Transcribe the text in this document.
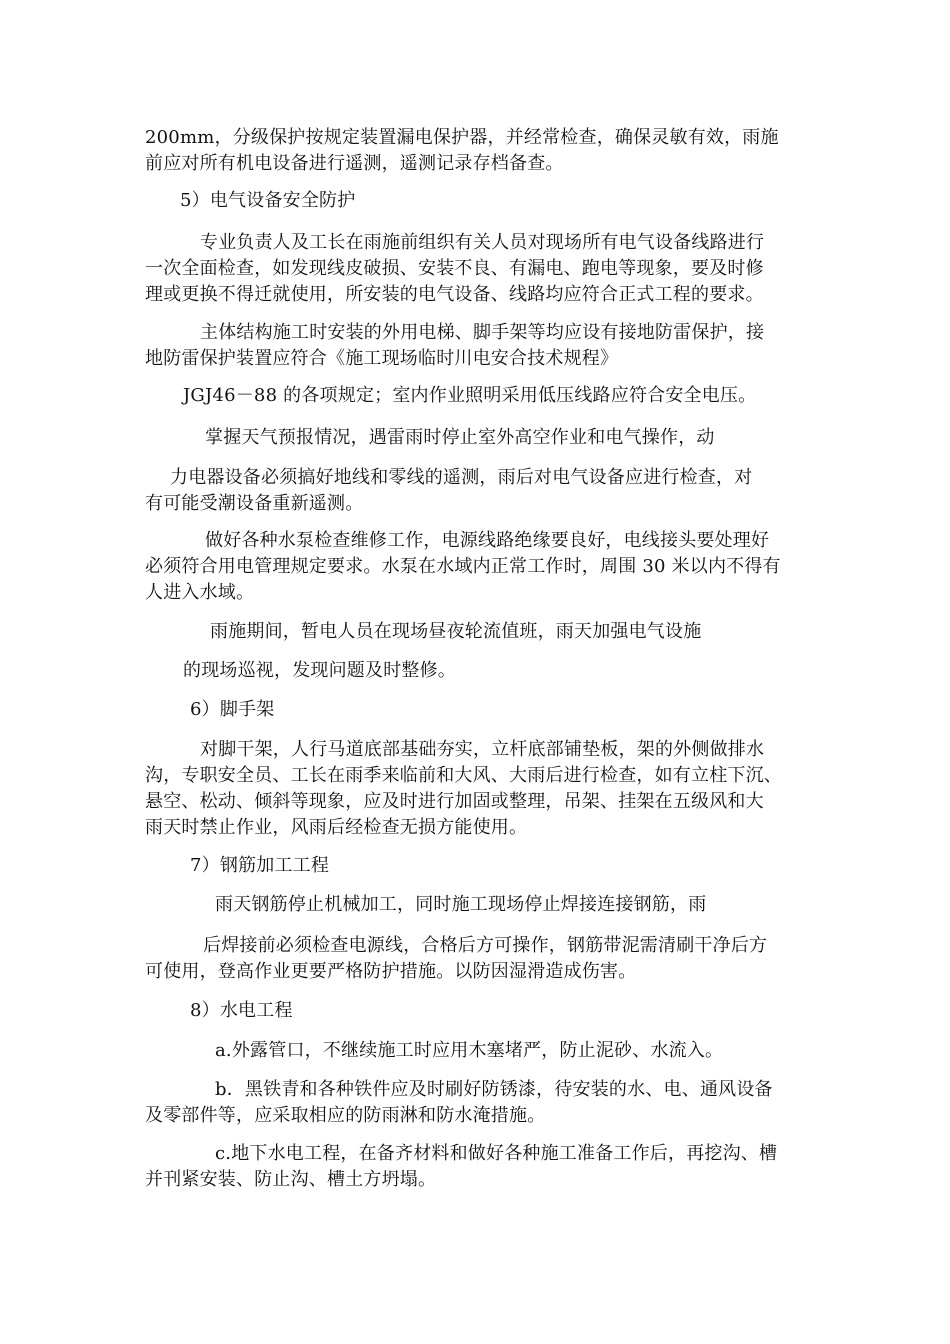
200mm，分级保护按规定装置漏电保护器，并经常检查，确保灵敏有效，雨施
前应对所有机电设备进行遥测，遥测记录存档备查。
5）电气设备安全防护
专业负责人及工长在雨施前组织有关人员对现场所有电气设备线路进行
一次全面检查，如发现线皮破损、安装不良、有漏电、跑电等现象，要及时修
理或更换不得迁就使用，所安装的电气设备、线路均应符合正式工程的要求。
主体结构施工时安装的外用电梯、脚手架等均应设有接地防雷保护，接
地防雷保护装置应符合《施工现场临时川电安合技术规程》
JGJ46－88 的各项规定；室内作业照明采用低压线路应符合安全电压。
掌握天气预报情况，遇雷雨时停止室外高空作业和电气操作，动
力电器设备必须搞好地线和零线的遥测，雨后对电气设备应进行检查，对
有可能受潮设备重新遥测。
做好各种水泵检查维修工作，电源线路绝缘要良好，电线接头要处理好
必须符合用电管理规定要求。水泵在水域内正常工作时，周围 30 米以内不得有
人进入水域。
雨施期间，暂电人员在现场昼夜轮流值班，雨天加强电气设施
的现场巡视，发现问题及时整修。
6）脚手架
对脚干架，人行马道底部基础夯实，立杆底部铺垫板，架的外侧做排水
沟，专职安全员、工长在雨季来临前和大风、大雨后进行检查，如有立柱下沉、
悬空、松动、倾斜等现象，应及时进行加固或整理，吊架、挂架在五级风和大
雨天时禁止作业，风雨后经检查无损方能使用。
7）钢筋加工工程
雨天钢筋停止机械加工，同时施工现场停止焊接连接钢筋，雨
后焊接前必须检查电源线，合格后方可操作，钢筋带泥需清刷干净后方
可使用，登高作业更要严格防护措施。以防因湿滑造成伤害。
8）水电工程
a.外露管口，不继续施工时应用木塞堵严，防止泥砂、水流入。
b．黑铁青和各种铁件应及时刷好防锈漆，待安装的水、电、通风设备
及零部件等，应采取相应的防雨淋和防水淹措施。
c.地下水电工程，在备齐材料和做好各种施工准备工作后，再挖沟、槽
并刊紧安装、防止沟、槽土方坍塌。
